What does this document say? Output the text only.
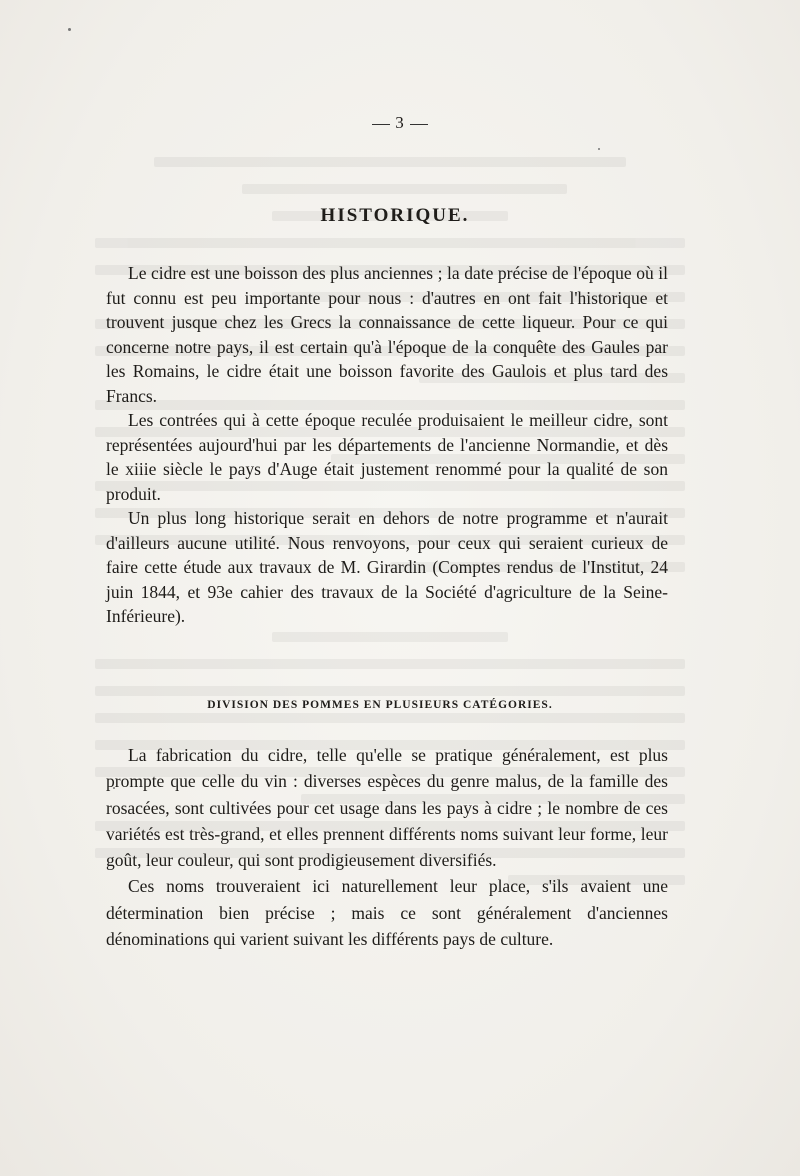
3
HISTORIQUE.

Le cidre est une boisson des plus anciennes ; la date précise de l'époque où il fut connu est peu importante pour nous : d'autres en ont fait l'historique et trouvent jusque chez les Grecs la connaissance de cette liqueur. Pour ce qui concerne notre pays, il est certain qu'à l'époque de la conquête des Gaules par les Romains, le cidre était une boisson favorite des Gaulois et plus tard des Francs.

Les contrées qui à cette époque reculée produisaient le meilleur cidre, sont représentées aujourd'hui par les départements de l'ancienne Normandie, et dès le xiiie siècle le pays d'Auge était justement renommé pour la qualité de son produit.

Un plus long historique serait en dehors de notre programme et n'aurait d'ailleurs aucune utilité. Nous renvoyons, pour ceux qui seraient curieux de faire cette étude aux travaux de M. Girardin (Comptes rendus de l'Institut, 24 juin 1844, et 93e cahier des travaux de la Société d'agriculture de la Seine-Inférieure).

DIVISION DES POMMES EN PLUSIEURS CATÉGORIES.

La fabrication du cidre, telle qu'elle se pratique généralement, est plus prompte que celle du vin : diverses espèces du genre malus, de la famille des rosacées, sont cultivées pour cet usage dans les pays à cidre ; le nombre de ces variétés est très-grand, et elles prennent différents noms suivant leur forme, leur goût, leur couleur, qui sont prodigieusement diversifiés.

Ces noms trouveraient ici naturellement leur place, s'ils avaient une détermination bien précise ; mais ce sont généralement d'anciennes dénominations qui varient suivant les différents pays de culture.
